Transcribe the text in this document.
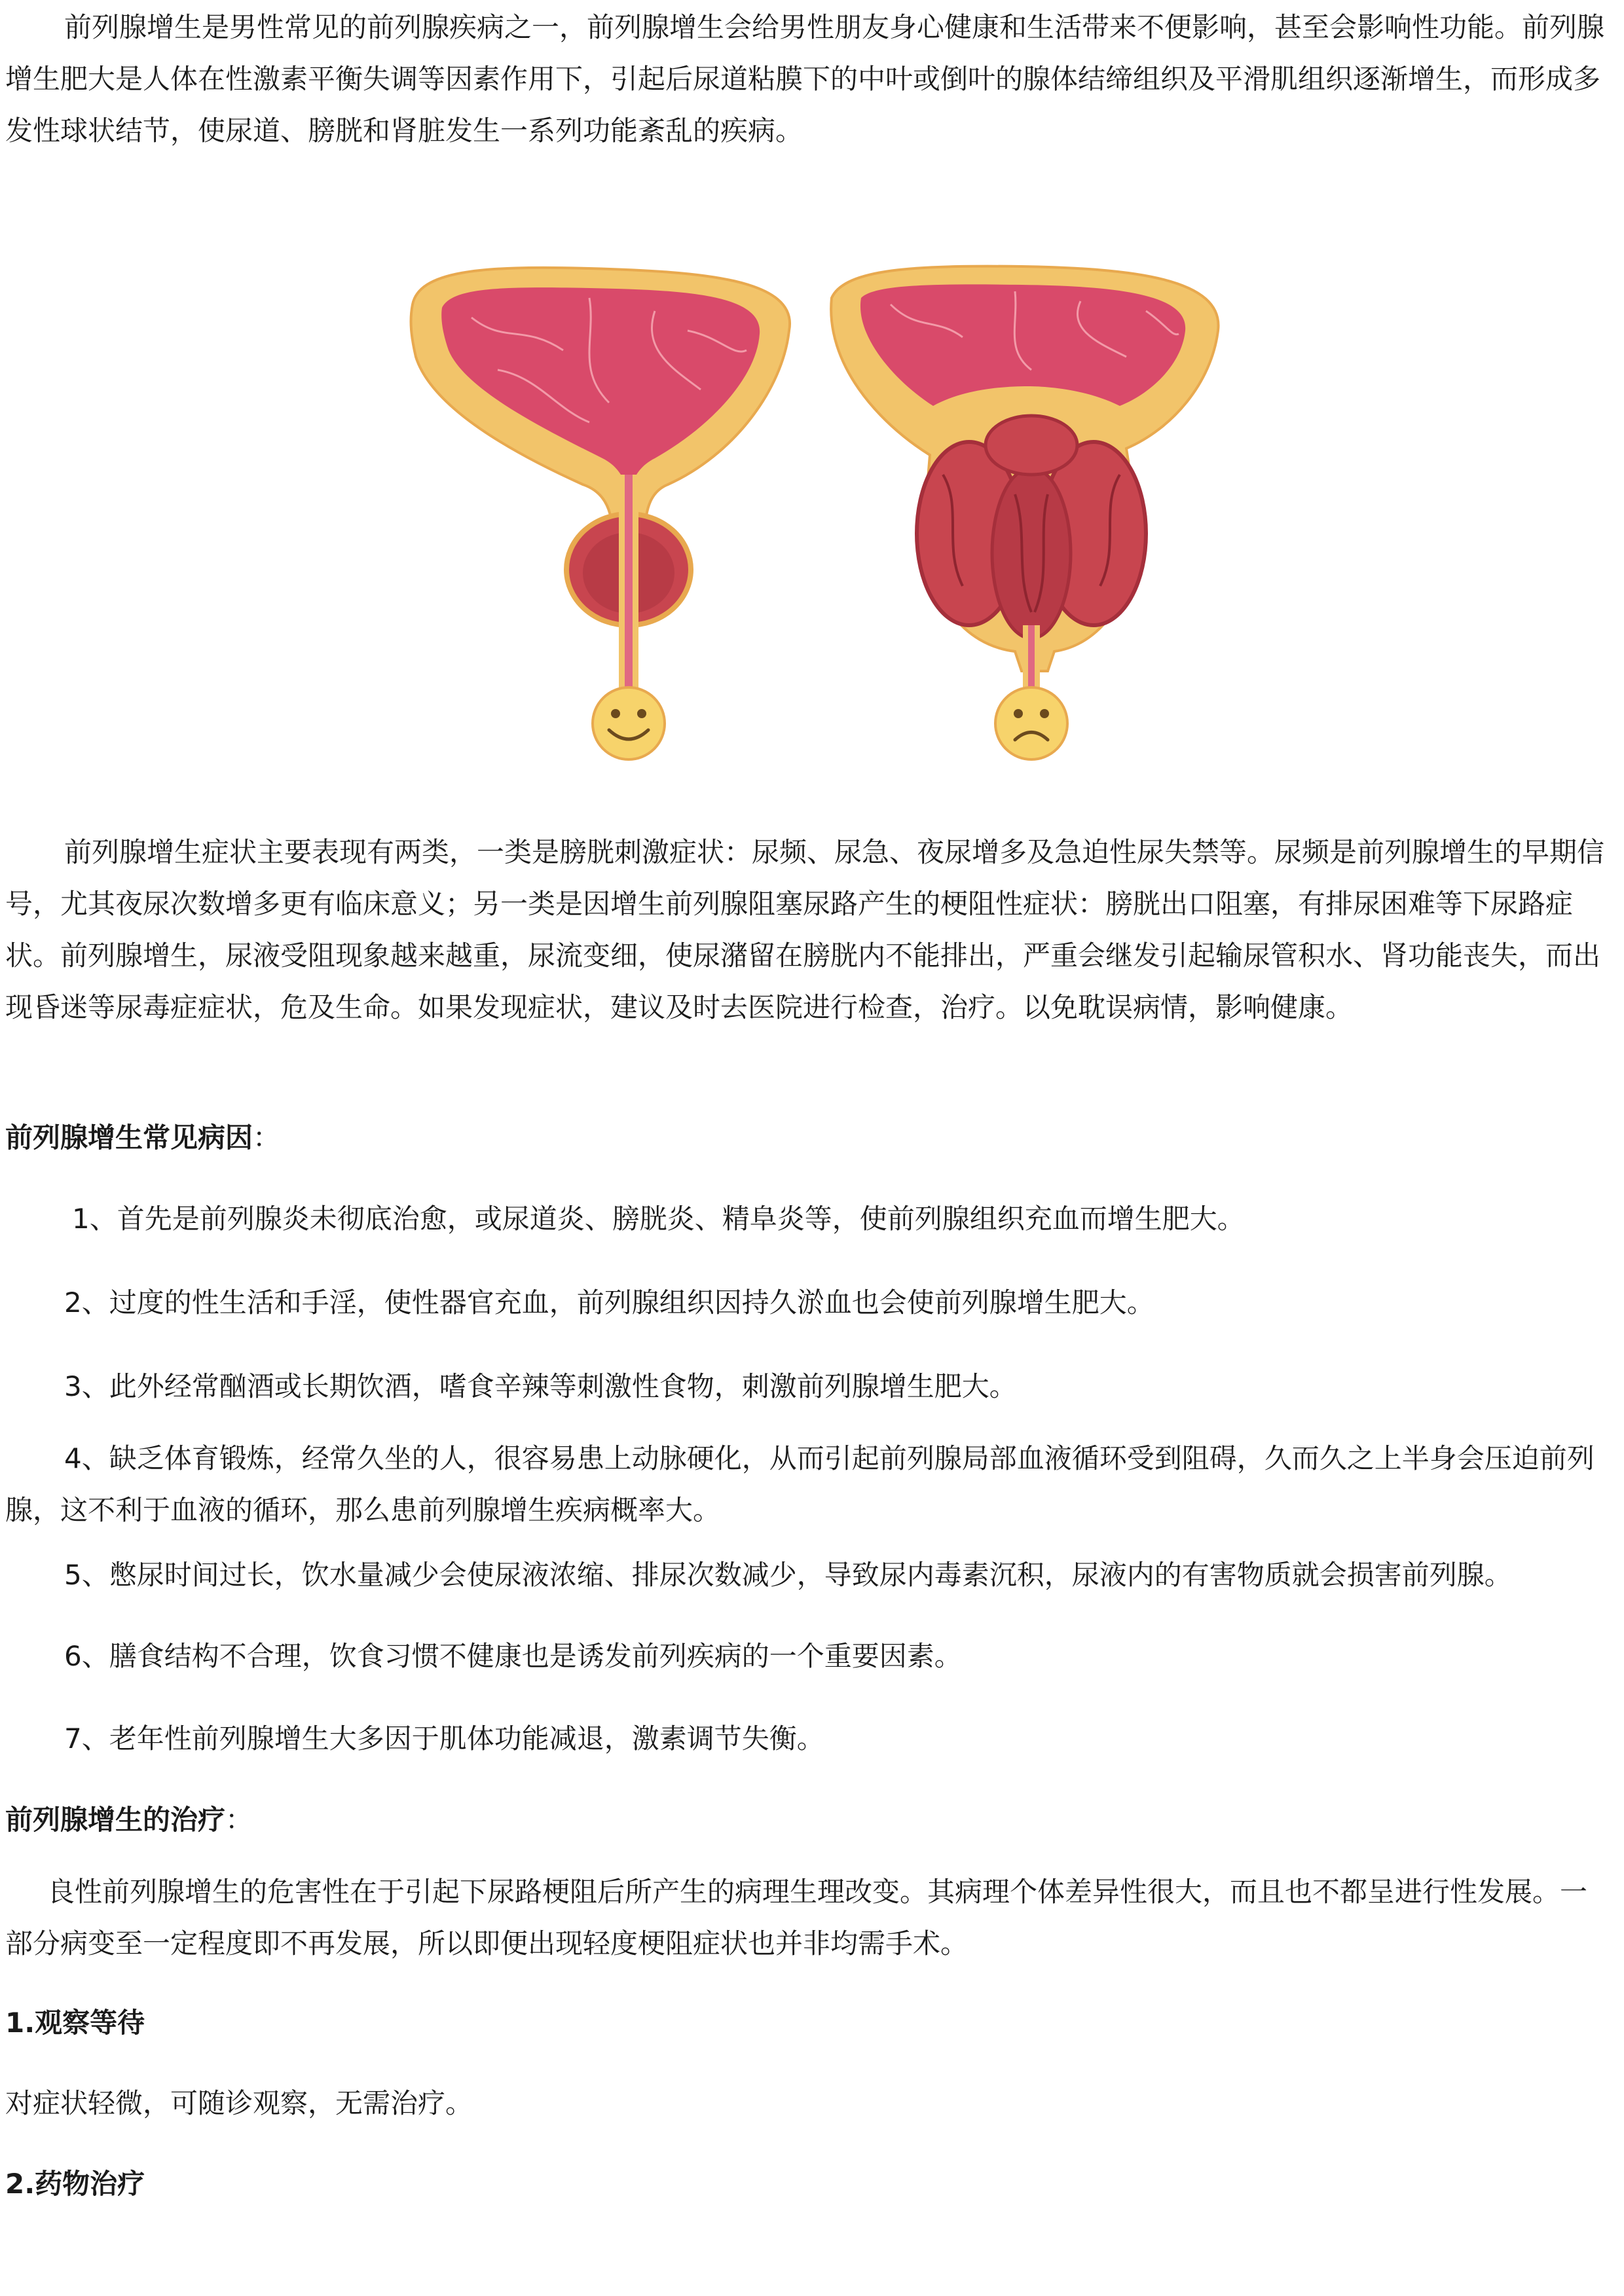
前列腺增生是男性常见的前列腺疾病之一，前列腺增生会给男性朋友身心健康和生活带来不便影响，甚至会影响性功能。前列腺增生肥大是人体在性激素平衡失调等因素作用下，引起后尿道粘膜下的中叶或倒叶的腺体结缔组织及平滑肌组织逐渐增生，而形成多发性球状结节，使尿道、膀胱和肾脏发生一系列功能紊乱的疾病。

前列腺增生症状主要表现有两类，一类是膀胱刺激症状：尿频、尿急、夜尿增多及急迫性尿失禁等。尿频是前列腺增生的早期信号，尤其夜尿次数增多更有临床意义；另一类是因增生前列腺阻塞尿路产生的梗阻性症状：膀胱出口阻塞，有排尿困难等下尿路症状。前列腺增生，尿液受阻现象越来越重，尿流变细，使尿潴留在膀胱内不能排出，严重会继发引起输尿管积水、肾功能丧失，而出现昏迷等尿毒症症状，危及生命。如果发现症状，建议及时去医院进行检查，治疗。以免耽误病情，影响健康。

前列腺增生常见病因：

1、首先是前列腺炎未彻底治愈，或尿道炎、膀胱炎、精阜炎等，使前列腺组织充血而增生肥大。

2、过度的性生活和手淫，使性器官充血，前列腺组织因持久淤血也会使前列腺增生肥大。

3、此外经常酗酒或长期饮酒，嗜食辛辣等刺激性食物，刺激前列腺增生肥大。

4、缺乏体育锻炼，经常久坐的人，很容易患上动脉硬化，从而引起前列腺局部血液循环受到阻碍，久而久之上半身会压迫前列腺，这不利于血液的循环，那么患前列腺增生疾病概率大。

5、憋尿时间过长，饮水量减少会使尿液浓缩、排尿次数减少，导致尿内毒素沉积，尿液内的有害物质就会损害前列腺。

6、膳食结构不合理，饮食习惯不健康也是诱发前列疾病的一个重要因素。

7、老年性前列腺增生大多因于肌体功能减退，激素调节失衡。

前列腺增生的治疗：

良性前列腺增生的危害性在于引起下尿路梗阻后所产生的病理生理改变。其病理个体差异性很大，而且也不都呈进行性发展。一部分病变至一定程度即不再发展，所以即便出现轻度梗阻症状也并非均需手术。

1.观察等待

对症状轻微，可随诊观察，无需治疗。

2.药物治疗
